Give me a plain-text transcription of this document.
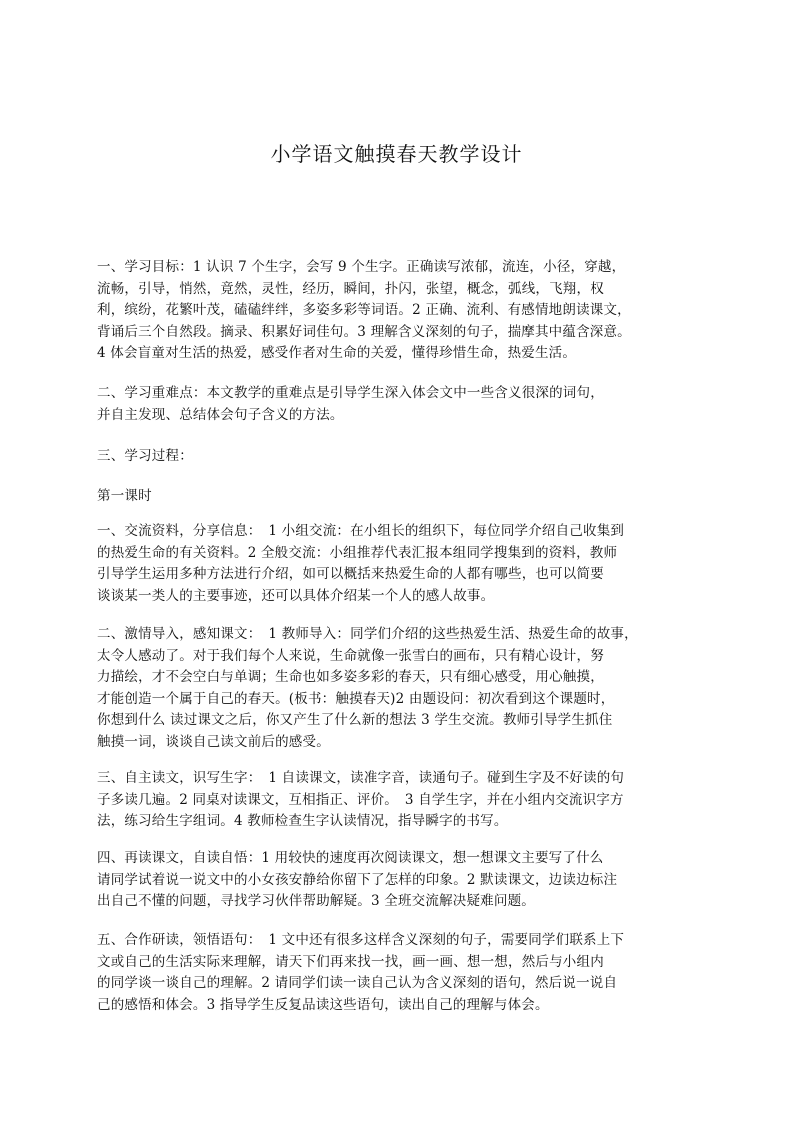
小学语文触摸春天教学设计
一、学习目标：1 认识 7 个生字，会写 9 个生字。正确读写浓郁，流连，小径，穿越，
流畅，引导，悄然，竟然，灵性，经历，瞬间，扑闪，张望，概念，弧线，飞翔，权
利，缤纷，花繁叶茂，磕磕绊绊，多姿多彩等词语。2 正确、流利、有感情地朗读课文，
背诵后三个自然段。摘录、积累好词佳句。3 理解含义深刻的句子，揣摩其中蕴含深意。
4 体会盲童对生活的热爱，感受作者对生命的关爱，懂得珍惜生命，热爱生活。
二、学习重难点：本文教学的重难点是引导学生深入体会文中一些含义很深的词句，
并自主发现、总结体会句子含义的方法。
三、学习过程：
第一课时
一、交流资料，分享信息：　1 小组交流：在小组长的组织下，每位同学介绍自己收集到
的热爱生命的有关资料。2 全般交流：小组推荐代表汇报本组同学搜集到的资料，教师
引导学生运用多种方法进行介绍，如可以概括来热爱生命的人都有哪些，也可以简要
谈谈某一类人的主要事迹，还可以具体介绍某一个人的感人故事。
二、激情导入，感知课文：　1 教师导入：同学们介绍的这些热爱生活、热爱生命的故事，
太令人感动了。对于我们每个人来说，生命就像一张雪白的画布，只有精心设计，努
力描绘，才不会空白与单调；生命也如多姿多彩的春天，只有细心感受，用心触摸，
才能创造一个属于自己的春天。(板书：触摸春天)2 由题设问：初次看到这个课题时，
你想到什么 读过课文之后，你又产生了什么新的想法 3 学生交流。教师引导学生抓住
触摸一词，谈谈自己读文前后的感受。
三、自主读文，识写生字：　1 自读课文，读准字音，读通句子。碰到生字及不好读的句
子多读几遍。2 同桌对读课文，互相指正、评价。　3 自学生字，并在小组内交流识字方
法，练习给生字组词。4 教师检查生字认读情况，指导瞬字的书写。
四、再读课文，自读自悟：1 用较快的速度再次阅读课文，想一想课文主要写了什么
请同学试着说一说文中的小女孩安静给你留下了怎样的印象。2 默读课文，边读边标注
出自己不懂的问题，寻找学习伙伴帮助解疑。3 全班交流解决疑难问题。
五、合作研读，领悟语句：　1 文中还有很多这样含义深刻的句子，需要同学们联系上下
文或自己的生活实际来理解，请天下们再来找一找，画一画、想一想，然后与小组内
的同学谈一谈自己的理解。2 请同学们读一读自己认为含义深刻的语句，然后说一说自
己的感悟和体会。3 指导学生反复品读这些语句，读出自己的理解与体会。
